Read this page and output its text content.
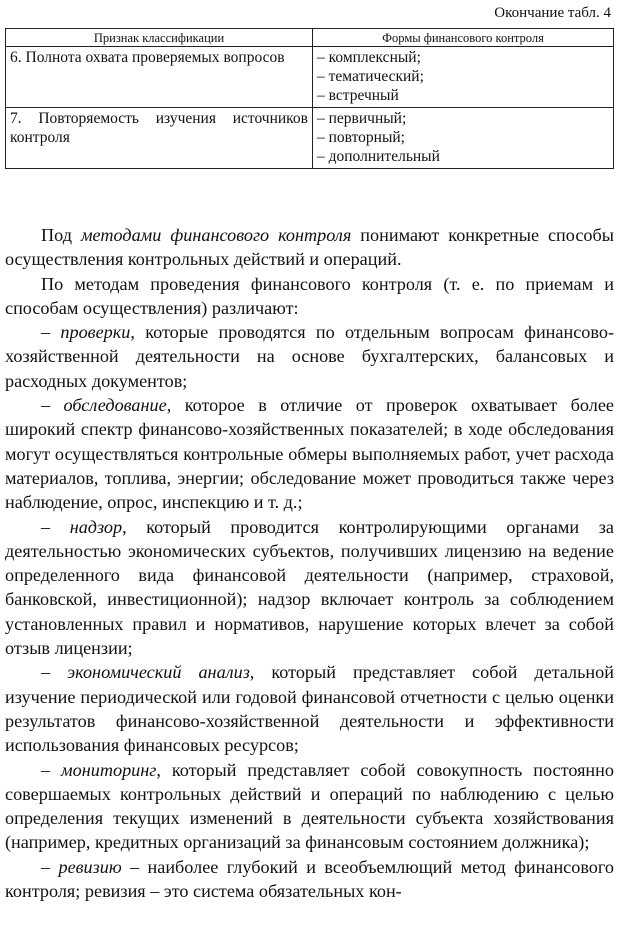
Окончание табл. 4
Признак классификации	Формы финансового контроля
6. Полнота охвата проверяемых вопросов	– комплексный;
– тематический;
– встречный

7. Повторяемость изучения источников контроля	– первичный;
– повторный;
– дополнительный

Под методами финансового контроля понимают конкретные способы осуществления контрольных действий и операций.

По методам проведения финансового контроля (т. е. по приемам и способам осуществления) различают:

– проверки, которые проводятся по отдельным вопросам финансово-хозяйственной деятельности на основе бухгалтерских, балансовых и расходных документов;

– обследование, которое в отличие от проверок охватывает более широкий спектр финансово-хозяйственных показателей; в ходе обследования могут осуществляться контрольные обмеры выполняемых работ, учет расхода материалов, топлива, энергии; обследование может проводиться также через наблюдение, опрос, инспекцию и т. д.;

– надзор, который проводится контролирующими органами за деятельностью экономических субъектов, получивших лицензию на ведение определенного вида финансовой деятельности (например, страховой, банковской, инвестиционной); надзор включает контроль за соблюдением установленных правил и нормативов, нарушение которых влечет за собой отзыв лицензии;

– экономический анализ, который представляет собой детальной изучение периодической или годовой финансовой отчетности с целью оценки результатов финансово-хозяйственной деятельности и эффективности использования финансовых ресурсов;

– мониторинг, который представляет собой совокупность постоянно совершаемых контрольных действий и операций по наблюдению с целью определения текущих изменений в деятельности субъекта хозяйствования (например, кредитных организаций за финансовым состоянием должника);

– ревизию – наиболее глубокий и всеобъемлющий метод финансового контроля; ревизия – это система обязательных кон-
